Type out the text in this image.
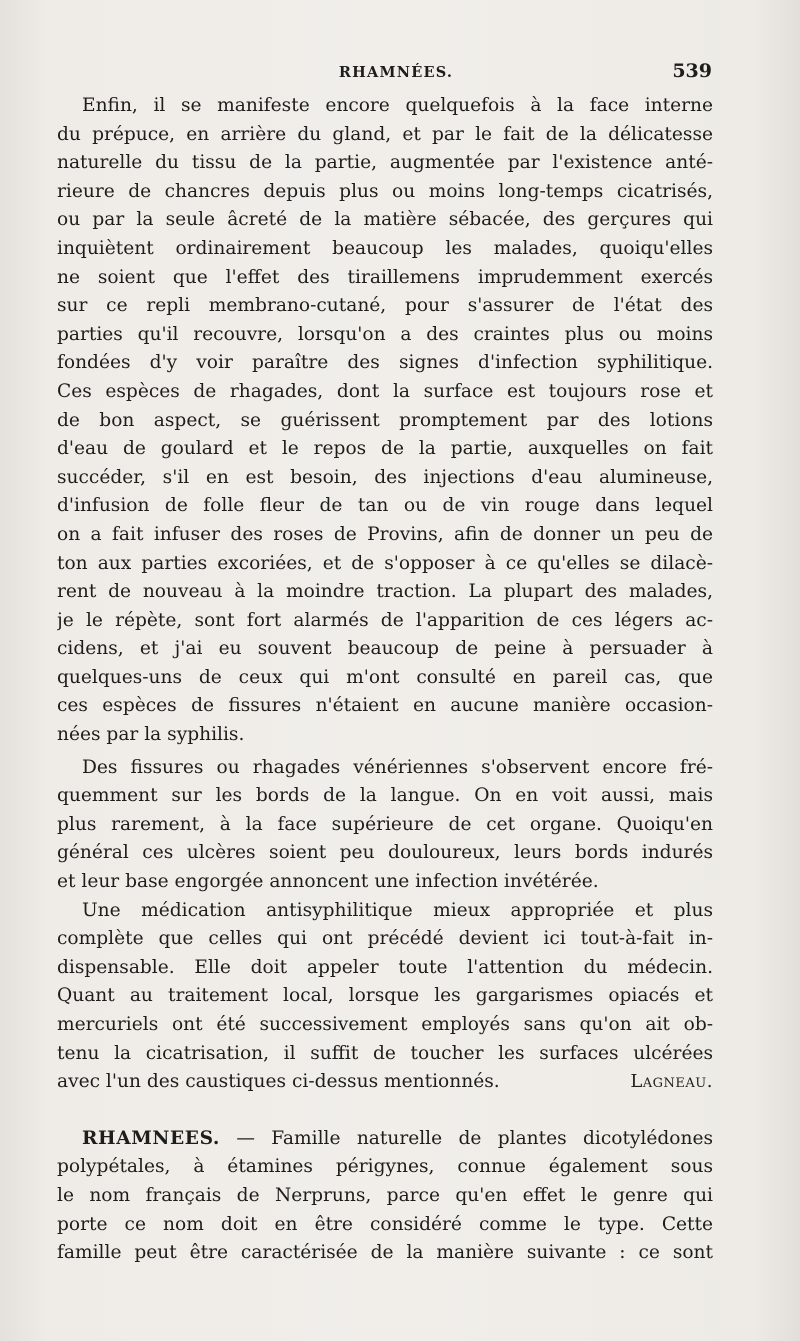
RHAMNÉES.	539
Enfin, il se manifeste encore quelquefois à la face interne
du prépuce, en arrière du gland, et par le fait de la délicatesse
naturelle du tissu de la partie, augmentée par l'existence anté-
rieure de chancres depuis plus ou moins long-temps cicatrisés,
ou par la seule âcreté de la matière sébacée, des gerçures qui
inquiètent ordinairement beaucoup les malades, quoiqu'elles
ne soient que l'effet des tiraillemens imprudemment exercés
sur ce repli membrano-cutané, pour s'assurer de l'état des
parties qu'il recouvre, lorsqu'on a des craintes plus ou moins
fondées d'y voir paraître des signes d'infection syphilitique.
Ces espèces de rhagades, dont la surface est toujours rose et
de bon aspect, se guérissent promptement par des lotions
d'eau de goulard et le repos de la partie, auxquelles on fait
succéder, s'il en est besoin, des injections d'eau alumineuse,
d'infusion de folle fleur de tan ou de vin rouge dans lequel
on a fait infuser des roses de Provins, afin de donner un peu de
ton aux parties excoriées, et de s'opposer à ce qu'elles se dilacè-
rent de nouveau à la moindre traction. La plupart des malades,
je le répète, sont fort alarmés de l'apparition de ces légers ac-
cidens, et j'ai eu souvent beaucoup de peine à persuader à
quelques-uns de ceux qui m'ont consulté en pareil cas, que
ces espèces de fissures n'étaient en aucune manière occasion-
nées par la syphilis.
Des fissures ou rhagades vénériennes s'observent encore fré-
quemment sur les bords de la langue. On en voit aussi, mais
plus rarement, à la face supérieure de cet organe. Quoiqu'en
général ces ulcères soient peu douloureux, leurs bords indurés
et leur base engorgée annoncent une infection invétérée.
Une médication antisyphilitique mieux appropriée et plus
complète que celles qui ont précédé devient ici tout-à-fait in-
dispensable. Elle doit appeler toute l'attention du médecin.
Quant au traitement local, lorsque les gargarismes opiacés et
mercuriels ont été successivement employés sans qu'on ait ob-
tenu la cicatrisation, il suffit de toucher les surfaces ulcérées
avec l'un des caustiques ci-dessus mentionnés.	Lagneau.
RHAMNEES. — Famille naturelle de plantes dicotylédones
polypétales, à étamines périgynes, connue également sous
le nom français de Nerpruns, parce qu'en effet le genre qui
porte ce nom doit en être considéré comme le type. Cette
famille peut être caractérisée de la manière suivante : ce sont
